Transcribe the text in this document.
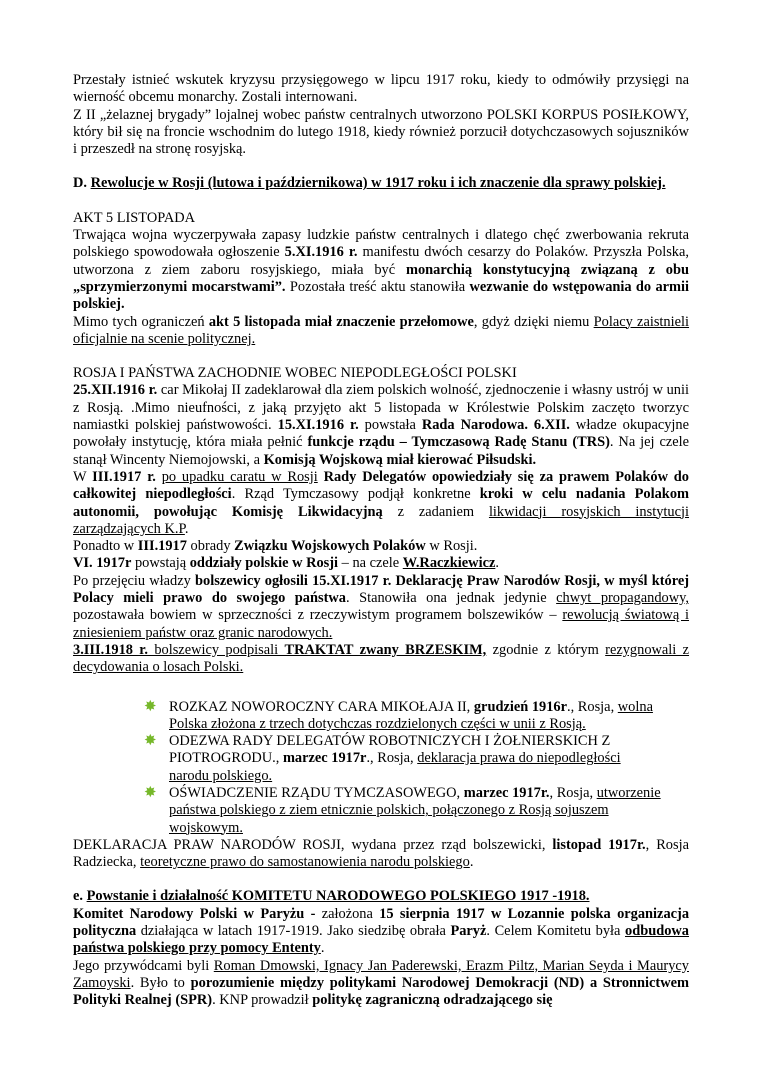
Przestały istnieć wskutek kryzysu przysięgowego w lipcu 1917 roku, kiedy to odmówiły przysięgi na wierność obcemu monarchy. Zostali internowani.

Z II „żelaznej brygady” lojalnej wobec państw centralnych utworzono POLSKI KORPUS POSIŁKOWY, który bił się na froncie wschodnim do lutego 1918, kiedy również porzucił dotychczasowych sojuszników i przeszedł na stronę rosyjską.

D. Rewolucje w Rosji (lutowa i październikowa) w 1917 roku i ich znaczenie dla sprawy polskiej.

AKT 5 LISTOPADA

Trwająca wojna wyczerpywała zapasy ludzkie państw centralnych i dlatego chęć zwerbowania rekruta polskiego spowodowała ogłoszenie 5.XI.1916 r. manifestu dwóch cesarzy do Polaków. Przyszła Polska, utworzona z ziem zaboru rosyjskiego, miała być monarchią konstytucyjną związaną z obu „sprzymierzonymi mocarstwami”. Pozostała treść aktu stanowiła wezwanie do wstępowania do armii polskiej.

Mimo tych ograniczeń akt 5 listopada miał znaczenie przełomowe, gdyż dzięki niemu Polacy zaistnieli oficjalnie na scenie politycznej.

ROSJA I PAŃSTWA ZACHODNIE WOBEC NIEPODLEGŁOŚCI POLSKI

25.XII.1916 r. car Mikołaj II zadeklarował dla ziem polskich wolność, zjednoczenie i własny ustrój w unii z Rosją. .Mimo nieufności, z jaką przyjęto akt 5 listopada w Królestwie Polskim zaczęto tworzyc namiastki polskiej państwowości. 15.XI.1916 r. powstała Rada Narodowa. 6.XII. władze okupacyjne powołały instytucję, która miała pełnić funkcje rządu – Tymczasową Radę Stanu (TRS). Na jej czele stanął Wincenty Niemojowski, a Komisją Wojskową miał kierować Piłsudski.

W III.1917 r. po upadku caratu w Rosji Rady Delegatów opowiedziały się za prawem Polaków do całkowitej niepodległości. Rząd Tymczasowy podjął konkretne kroki w celu nadania Polakom autonomii, powołując Komisję Likwidacyjną z zadaniem likwidacji rosyjskich instytucji zarządzających K.P.

Ponadto w III.1917 obrady Związku Wojskowych Polaków w Rosji.

VI. 1917r powstają oddziały polskie w Rosji – na czele W.Raczkiewicz.

Po przejęciu władzy bolszewicy ogłosili 15.XI.1917 r. Deklarację Praw Narodów Rosji, w myśl której Polacy mieli prawo do swojego państwa. Stanowiła ona jednak jedynie chwyt propagandowy, pozostawała bowiem w sprzeczności z rzeczywistym programem bolszewików – rewolucją światową i zniesieniem państw oraz granic narodowych.

3.III.1918 r. bolszewicy podpisali TRAKTAT zwany BRZESKIM, zgodnie z którym rezygnowali z decydowania o losach Polski.

✸ ROZKAZ NOWOROCZNY CARA MIKOŁAJA II, grudzień 1916r., Rosja, wolna Polska złożona z trzech dotychczas rozdzielonych części w unii z Rosją.
✸ ODEZWA RADY DELEGATÓW ROBOTNICZYCH I ŻOŁNIERSKICH Z PIOTROGRODU., marzec 1917r., Rosja, deklaracja prawa do niepodległości narodu polskiego.
✸ OŚWIADCZENIE RZĄDU TYMCZASOWEGO, marzec 1917r., Rosja, utworzenie państwa polskiego z ziem etnicznie polskich, połączonego z Rosją sojuszem wojskowym.

DEKLARACJA PRAW NARODÓW ROSJI, wydana przez rząd bolszewicki, listopad 1917r., Rosja Radziecka, teoretyczne prawo do samostanowienia narodu polskiego.

e. Powstanie i działalność KOMITETU NARODOWEGO POLSKIEGO 1917 -1918.

Komitet Narodowy Polski w Paryżu - założona 15 sierpnia 1917 w Lozannie polska organizacja polityczna działająca w latach 1917-1919. Jako siedzibę obrała Paryż. Celem Komitetu była odbudowa państwa polskiego przy pomocy Ententy.

Jego przywódcami byli Roman Dmowski, Ignacy Jan Paderewski, Erazm Piltz, Marian Seyda i Maurycy Zamoyski. Było to porozumienie między politykami Narodowej Demokracji (ND) a Stronnictwem Polityki Realnej (SPR). KNP prowadził politykę zagraniczną odradzającego się
